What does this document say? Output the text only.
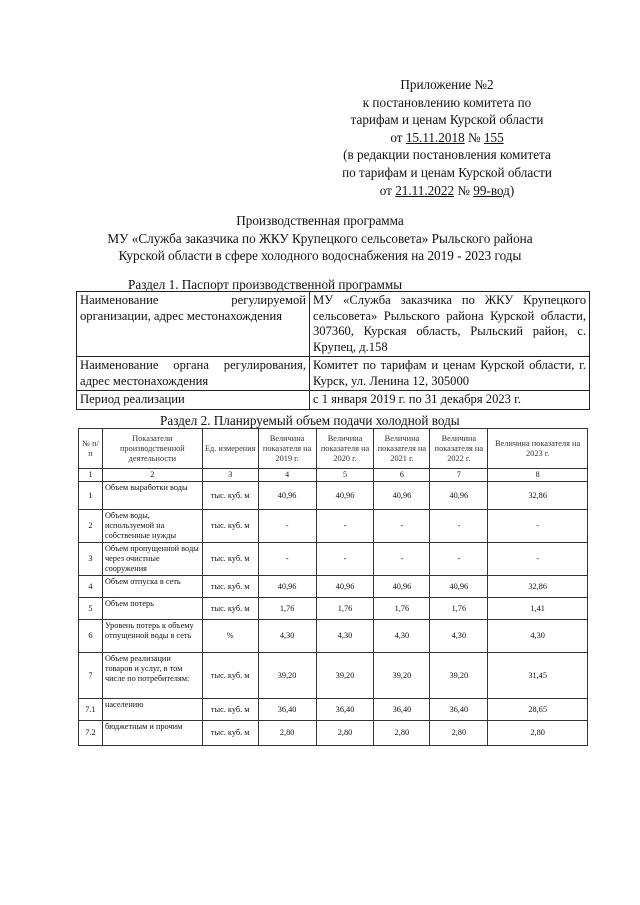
Приложение №2
к постановлению комитета по
тарифам и ценам Курской области
от 15.11.2018 № 155
(в редакции постановления комитета
по тарифам и ценам Курской области
от 21.11.2022 № 99-вод)
Производственная программа
МУ «Служба заказчика по ЖКУ Крупецкого сельсовета» Рыльского района
Курской области в сфере холодного водоснабжения на 2019 - 2023 годы
Раздел 1. Паспорт производственной программы
Наименование регулируемой организации, адрес местонахождения	МУ «Служба заказчика по ЖКУ Крупецкого сельсовета» Рыльского района Курской области, 307360, Курская область, Рыльский район, с. Крупец, д.158
Наименование органа регулирования, адрес местонахождения	Комитет по тарифам и ценам Курской области, г. Курск, ул. Ленина 12, 305000
Период реализации	с 1 января 2019 г. по 31 декабря 2023 г.
Раздел 2. Планируемый объем подачи холодной воды
№ п/п	Показатели производственной деятельности	Ед. измерения	Величина показателя на 2019 г.	Величина показателя на 2020 г.	Величина показателя на 2021 г.	Величина показателя на 2022 г.	Величина показателя на 2023 г.
1	2	3	4	5	6	7	8
1	Объем выработки воды	тыс. куб. м	40,96	40,96	40,96	40,96	32,86
2	Объем воды, используемой на собственные нужды	тыс. куб. м	-	-	-	-	-
3	Объем пропущенной воды через очистные сооружения	тыс. куб. м	-	-	-	-	-
4	Объем отпуска в сеть	тыс. куб. м	40,96	40,96	40,96	40,96	32,86
5	Объем потерь	тыс. куб. м	1,76	1,76	1,76	1,76	1,41
6	Уровень потерь к объему отпущенной воды в сеть	%	4,30	4,30	4,30	4,30	4,30
7	Объем реализации товаров и услуг, в том числе по потребителям:	тыс. куб. м	39,20	39,20	39,20	39,20	31,45
7.1	населению	тыс. куб. м	36,40	36,40	36,40	36,40	28,65
7.2	бюджетным и прочим	тыс. куб. м	2,80	2,80	2,80	2,80	2,80
